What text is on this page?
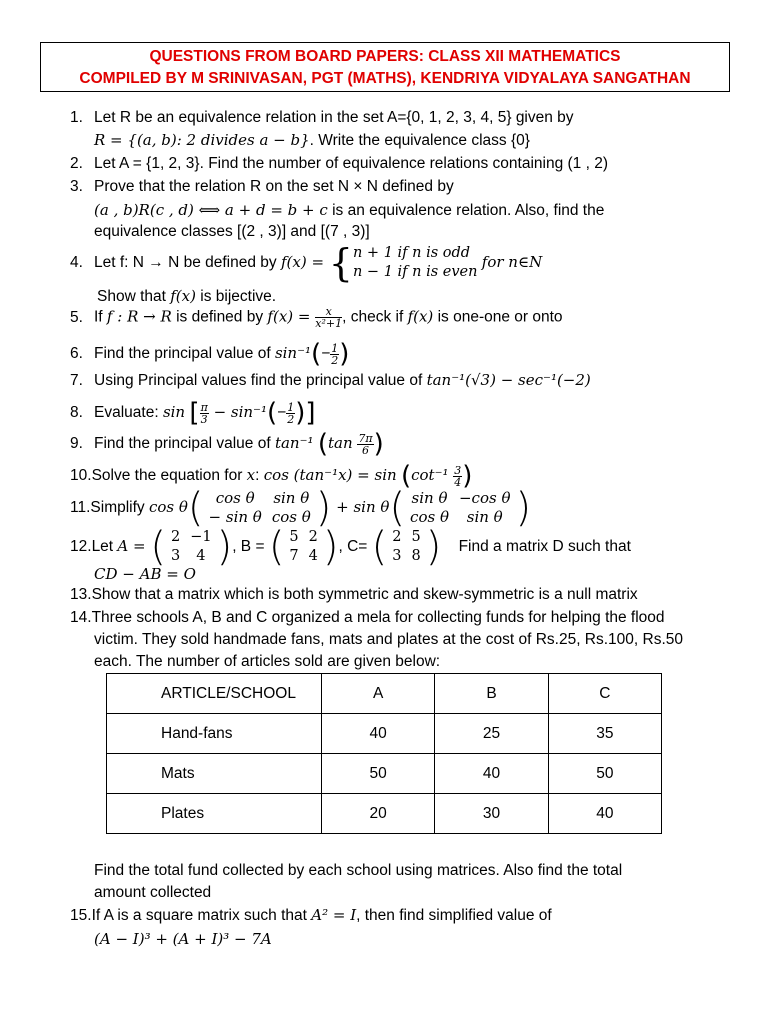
QUESTIONS FROM BOARD PAPERS: CLASS XII MATHEMATICS
COMPILED BY M SRINIVASAN, PGT (MATHS), KENDRIYA VIDYALAYA SANGATHAN
1. Let R be an equivalence relation in the set A={0, 1, 2, 3, 4, 5} given by
R = {(a, b): 2 divides a − b}. Write the equivalence class {0}
2. Let A = {1, 2, 3}. Find the number of equivalence relations containing (1 , 2)
3. Prove that the relation R on the set N × N defined by
(a , b)R(c , d) ⟺ a + d = b + c is an equivalence relation. Also, find the
equivalence classes [(2 , 3)] and [(7 , 3)]
4. Let f: N → N be defined by f(x) = { n + 1 if n is odd
n − 1 if n is even
for n∈N
Show that f(x) is bijective.
5. If f : R → R is defined by $f(x) = \frac{x}{\text{x²+1}}$ , check if f(x) is one-one or onto
6. Find the principal value of $\sin^{-1}(- \frac{1}{2}$ )
7. Using Principal values find the principal value of tan⁻¹(√3) − sec⁻¹(−2)
8. Evaluate: sin [ $\frac{\pi}{3} - \sin^{-1}(- \frac{1}{2}$ )]
9. Find the principal value of tan⁻¹ ($\tan \frac{7\pi}{6}$ )
10.Solve the equation for x: $\cos (\tan^{-1}x) = \sin (\cot^{-1} \frac{3}{4}$ )
11.Simplify cos θ( cos θ	sin θ
− sin θ	cos θ ) + sin θ( sin θ	−cos θ
cos θ	sin θ )
12.Let A = ( 2	−1
3	4 ), B = ( 5	2
7	4 ), C= ( 2	5
3	8 ) Find a matrix D such that
CD − AB = O
13.Show that a matrix which is both symmetric and skew-symmetric is a null matrix
14.Three schools A, B and C organized a mela for collecting funds for helping the flood
victim. They sold handmade fans, mats and plates at the cost of Rs.25, Rs.100, Rs.50
each. The number of articles sold are given below:
ARTICLE/SCHOOL	A	B	C
Hand-fans	40	25	35
Mats	50	40	50
Plates	20	30	40
Find the total fund collected by each school using matrices. Also find the total
amount collected
15.If A is a square matrix such that A² = I, then find simplified value of
(A − I)³ + (A + I)³ − 7A
